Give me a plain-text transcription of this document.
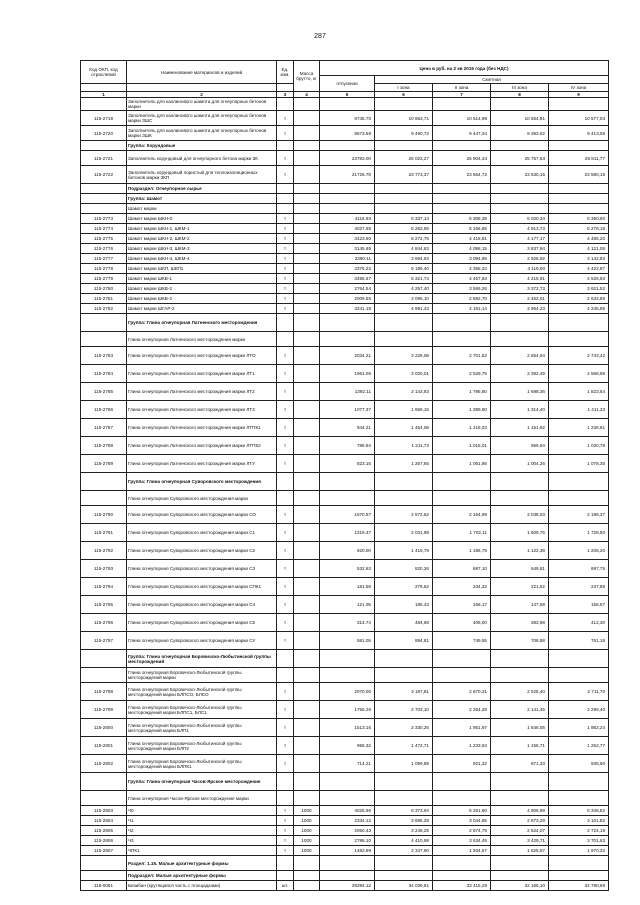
287
Код ОКП, код отраслевой	Наименование материалов и изделий	Ед. изм.	Масса брутто, кг	Цена в руб. на 2 кв 2015 года (без НДС)				
				отпускная	Сметная			
					I зона	II зона	III зона	IV зона
1	2	3	4	5	6	7	8	9
	Заполнитель для каолинового шамота для огнеупорных бетонов марки							
115-2719	Заполнитель для каолинового шамота для огнеупорных бетонов марки ЗШС	т		9745.70	10 663,71	10 614,98	10 554,81	10 577,04
115-2720	Заполнитель для каолинового шамота для огнеупорных бетонов марки ЗШК	т		8673.69	9 490,72	9 447,34	9 393,62	9 413,58
	Группа: Корундовые							
115-2721	Заполнитель корундовый для огнеупорного бетона марки ЗК	т		23783.00	26 023,27	25 904,34	25 757,63	25 811,77
115-2722	Заполнитель корундовый пористый для теплоизоляционных бетонов марки ЗКП	т		21726.78	23 773,37	23 664,72	23 530,15	23 580,15
	Подраздел: Огнеупорное сырье							
	Группа: Шамот							
	Шамот марки							
115-2773	Шамот марки ШКН-0	т		4116.93	5 337,14	5 308,38	5 020,34	5 350,60
115-2774	Шамот марки ШКН-1, ШКМ-1	т		4027.65	5 262,56	5 156,85	4 913,73	5 276,19
115-2775	Шамот марки ШКН-2, ШКМ-2	т		3423.60	5 272,76	4 416,81	4 177,17	4 485,20
115-2776	Шамот марки ШКН-3, ШКМ-3	т		3145.65	4 844,63	4 058,15	3 837,94	4 121,05
115-2777	Шамот марки ШКН-4, ШКМ-4	т		2390.11	3 694,63	3 094,85	2 926,92	3 142,83
115-2778	Шамот марки ШКП, ШКП1	т		3376.22	5 199,40	4 355,34	4 119,00	4 422,87
115-2779	Шамот марки ШКВ-1	т		3455.67	5 321,74	4 457,83	4 215,91	4 526,93
115-2780	Шамот марки ШКВ-2	т		2764.54	4 257,40	3 566,26	3 372,73	3 621,52
115-2781	Шамот марки ШКВ-3	т		2009.55	3 095,10	2 592,70	2 452,01	2 632,89
115-2782	Шамот марки ШГАР-2	т		3241.18	4 991,43	4 181,14	3 954,23	4 245,95
	Группа: Глина огнеупорная Латненского месторождения							
	Глина огнеупорная Латненского месторождения марки							
115-2783	Глина огнеупорная Латненского месторождения марки ЛТО	т		2034.21	3 226,08	2 701,52	2 554,94	2 743,42
115-2784	Глина огнеупорная Латненского месторождения марки ЛТ1	т		1961.05	3 020,01	2 529,75	2 392,49	2 568,96
115-2785	Глина огнеупорная Латненского месторождения марки ЛТ2	т		1392.11	2 143,83	1 795,80	1 698,36	1 823,64
115-2786	Глина огнеупорная Латненского месторождения марки ЛТ3	т		1077.37	1 659,15	1 389,80	1 314,40	1 411,33
115-2787	Глина огнеупорная Латненского месторождения марки ЛТПК1	т		944.21	1 454,08	1 218,03	1 151,92	1 236,91
115-2788	Глина огнеупорная Латненского месторождения марки ЛТПК2	т		786.84	1 211,72	1 015,01	959,94	1 030,78
115-2789	Глина огнеупорная Латненского месторождения марки ЛТУ	т		823.15	1 267,65	1 061,86	1 004,26	1 078,35
	Группа: Глина огнеупорная Суворовского месторождения							
	Глина огнеупорная Суворовского месторождения марки							
115-2790	Глина огнеупорная Суворовского месторождения марки СО	т		1670.57	2 572,62	2 154,99	2 038,03	2 188,37
115-2791	Глина огнеупорная Суворовского месторождения марки С1	т		1319.47	2 031,98	1 702,11	1 609,75	1 728,50
115-2792	Глина огнеупорная Суворовского месторождения марки С2	т		920.00	1 416,79	1 186,79	1 122,38	1 205,20
115-2793	Глина огнеупорная Суворовского месторождения марки С3	т		532.63	820,26	687,10	649,81	697,75
115-2794	Глина огнеупорная Суворовского месторождения марки СПК1	т		181.58	279,62	234,22	221,52	237,88
115-2795	Глина огнеупорная Суворовского месторождения марки С4	т		121.05	186,43	156,17	147,69	158,57
115-2796	Глина огнеупорная Суворовского месторождения марки С5	т		314.74	484,68	406,00	383,98	412,30
115-2797	Глина огнеупорная Суворовского месторождения марки СУ	т		581.05	894,81	749,55	708,88	761,18
	Группа: Глина огнеупорная Боровичско-Любытинской группы месторождений							
	Глина огнеупорная Боровичско-Любытинской группы месторождений марки							
115-2798	Глина огнеупорная Боровичско-Любытинской группы месторождений марки БЛПСО, БЛСО	т		2070.00	3 187,81	2 670,31	2 525,40	2 711,70
115-2799	Глина огнеупорная Боровичско-Любытинской группы месторождений марки БЛПС1, БЛС1	т		1755.26	2 703,10	2 264,28	2 141,45	2 299,40
115-2800	Глина огнеупорная Боровичско-Любытинской группы месторождений марки БЛП1	т		1513.16	2 330,26	1 951,97	1 846,05	1 982,24
115-2801	Глина огнеупорная Боровичско-Любытинской группы месторождений марки БЛП2	т		956.32	1 472,71	1 233,63	1 156,71	1 252,77
115-2802	Глина огнеупорная Боровичско-Любытинской группы месторождений марки БЛПК1	т		714.21	1 099,89	921,32	871,33	935,60
	Группа: Глина огнеупорная Часов-Ярское месторождение							
	Глина огнеупорная Часов-Ярское месторождение марки							
115-2803	Ч0	т	1000	4025.96	6 373,94	5 251,90	4 905,99	5 346,82
115-2804	Ч1	т	1000	2334.12	3 695,28	3 044,85	2 873,29	3 101,82
115-2805	Ч2	т	1000	2050.43	3 246,25	2 674,79	2 524,07	2 724,19
115-2806	Ч3	т	1000	2786.10	4 410,98	3 634,49	3 429,71	3 701,63
115-2807	ЧПК1	т	1000	1482.99	2 347,90	1 934,57	1 825,57	1 970,32
	Раздел: 1.16. Малые архитектурные формы							
	Подраздел: Малые архитектурные формы							
116-0061	Бизибан (крутящаяся часть с площадками)	шт.		29294.12	34 039,81	33 415,29	32 166,10	32 790,69
